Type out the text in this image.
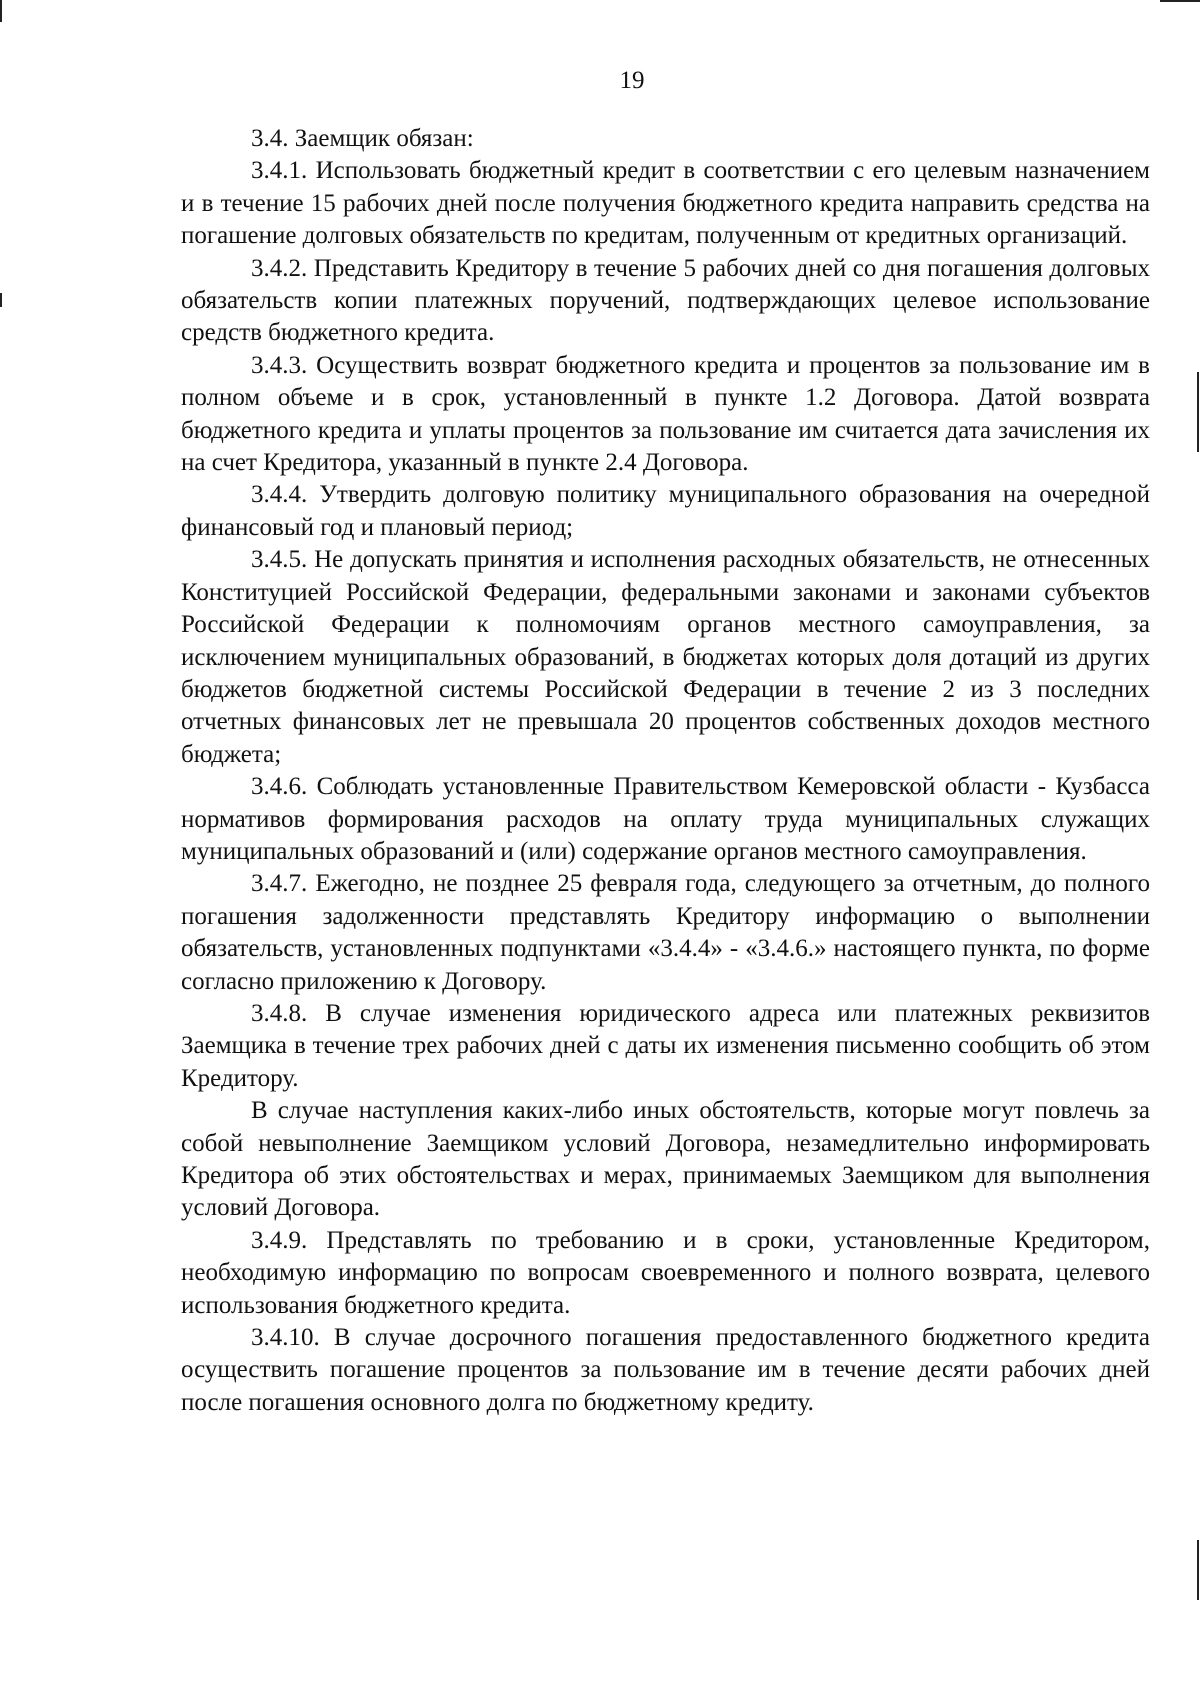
19

3.4. Заемщик обязан:

3.4.1. Использовать бюджетный кредит в соответствии с его целевым назначением и в течение 15 рабочих дней после получения бюджетного кредита направить средства на погашение долговых обязательств по кредитам, полученным от кредитных организаций.

3.4.2. Представить Кредитору в течение 5 рабочих дней со дня погашения долговых обязательств копии платежных поручений, подтверждающих целевое использование средств бюджетного кредита.

3.4.3. Осуществить возврат бюджетного кредита и процентов за пользование им в полном объеме и в срок, установленный в пункте 1.2 Договора. Датой возврата бюджетного кредита и уплаты процентов за пользование им считается дата зачисления их на счет Кредитора, указанный в пункте 2.4 Договора.

3.4.4. Утвердить долговую политику муниципального образования на очередной финансовый год и плановый период;

3.4.5. Не допускать принятия и исполнения расходных обязательств, не отнесенных Конституцией Российской Федерации, федеральными законами и законами субъектов Российской Федерации к полномочиям органов местного самоуправления, за исключением муниципальных образований, в бюджетах которых доля дотаций из других бюджетов бюджетной системы Российской Федерации в течение 2 из 3 последних отчетных финансовых лет не превышала 20 процентов собственных доходов местного бюджета;

3.4.6. Соблюдать установленные Правительством Кемеровской области - Кузбасса нормативов формирования расходов на оплату труда муниципальных служащих муниципальных образований и (или) содержание органов местного самоуправления.

3.4.7. Ежегодно, не позднее 25 февраля года, следующего за отчетным, до полного погашения задолженности представлять Кредитору информацию о выполнении обязательств, установленных подпунктами «3.4.4» - «3.4.6.» настоящего пункта, по форме согласно приложению к Договору.

3.4.8. В случае изменения юридического адреса или платежных реквизитов Заемщика в течение трех рабочих дней с даты их изменения письменно сообщить об этом Кредитору.

В случае наступления каких-либо иных обстоятельств, которые могут повлечь за собой невыполнение Заемщиком условий Договора, незамедлительно информировать Кредитора об этих обстоятельствах и мерах, принимаемых Заемщиком для выполнения условий Договора.

3.4.9. Представлять по требованию и в сроки, установленные Кредитором, необходимую информацию по вопросам своевременного и полного возврата, целевого использования бюджетного кредита.

3.4.10. В случае досрочного погашения предоставленного бюджетного кредита осуществить погашение процентов за пользование им в течение десяти рабочих дней после погашения основного долга по бюджетному кредиту.
